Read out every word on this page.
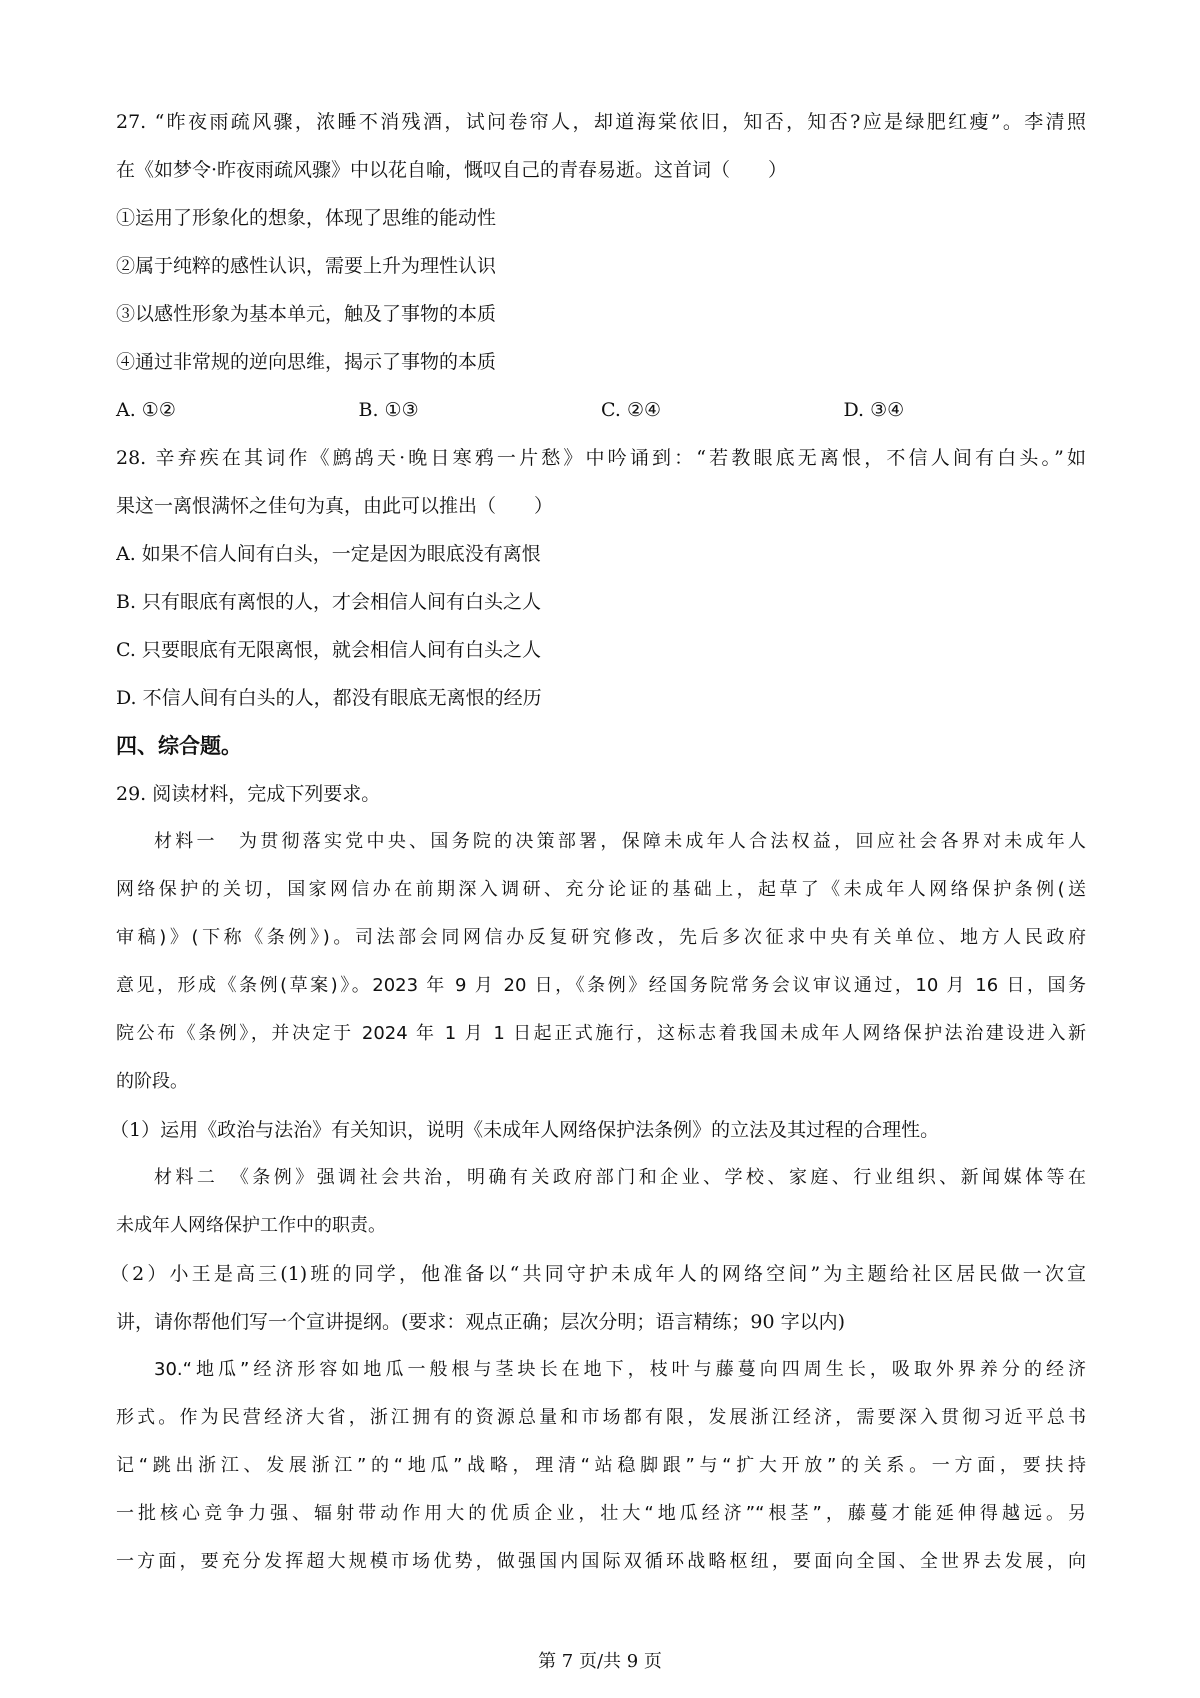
27. “昨夜雨疏风骤，浓睡不消残酒，试问卷帘人，却道海棠依旧，知否，知否?应是绿肥红瘦”。李清照
在《如梦令·昨夜雨疏风骤》中以花自喻，慨叹自己的青春易逝。这首词（　　）
①运用了形象化的想象，体现了思维的能动性
②属于纯粹的感性认识，需要上升为理性认识
③以感性形象为基本单元，触及了事物的本质
④通过非常规的逆向思维，揭示了事物的本质
A. ①②	B. ①③	C. ②④	D. ③④
28. 辛弃疾在其词作《鹧鸪天·晚日寒鸦一片愁》中吟诵到：“若教眼底无离恨，不信人间有白头。”如
果这一离恨满怀之佳句为真，由此可以推出（　　）
A. 如果不信人间有白头，一定是因为眼底没有离恨
B. 只有眼底有离恨的人，才会相信人间有白头之人
C. 只要眼底有无限离恨，就会相信人间有白头之人
D. 不信人间有白头的人，都没有眼底无离恨的经历
四、综合题。
29. 阅读材料，完成下列要求。
材料一　为贯彻落实党中央、国务院的决策部署，保障未成年人合法权益，回应社会各界对未成年人
网络保护的关切，国家网信办在前期深入调研、充分论证的基础上，起草了《未成年人网络保护条例(送
审稿)》(下称《条例》)。司法部会同网信办反复研究修改，先后多次征求中央有关单位、地方人民政府
意见，形成《条例(草案)》。2023 年 9 月 20 日，《条例》经国务院常务会议审议通过，10 月 16 日，国务
院公布《条例》，并决定于 2024 年 1 月 1 日起正式施行，这标志着我国未成年人网络保护法治建设进入新
的阶段。
（1）运用《政治与法治》有关知识，说明《未成年人网络保护法条例》的立法及其过程的合理性。
材料二　《条例》强调社会共治，明确有关政府部门和企业、学校、家庭、行业组织、新闻媒体等在
未成年人网络保护工作中的职责。
（2）小王是高三(1)班的同学，他准备以“共同守护未成年人的网络空间”为主题给社区居民做一次宣
讲，请你帮他们写一个宣讲提纲。(要求：观点正确；层次分明；语言精练；90 字以内)
30.“地瓜”经济形容如地瓜一般根与茎块长在地下，枝叶与藤蔓向四周生长，吸取外界养分的经济
形式。作为民营经济大省，浙江拥有的资源总量和市场都有限，发展浙江经济，需要深入贯彻习近平总书
记“跳出浙江、发展浙江”的“地瓜”战略，理清“站稳脚跟”与“扩大开放”的关系。一方面，要扶持
一批核心竞争力强、辐射带动作用大的优质企业，壮大“地瓜经济”“根茎”，藤蔓才能延伸得越远。另
一方面，要充分发挥超大规模市场优势，做强国内国际双循环战略枢纽，要面向全国、全世界去发展，向
第 7 页/共 9 页
